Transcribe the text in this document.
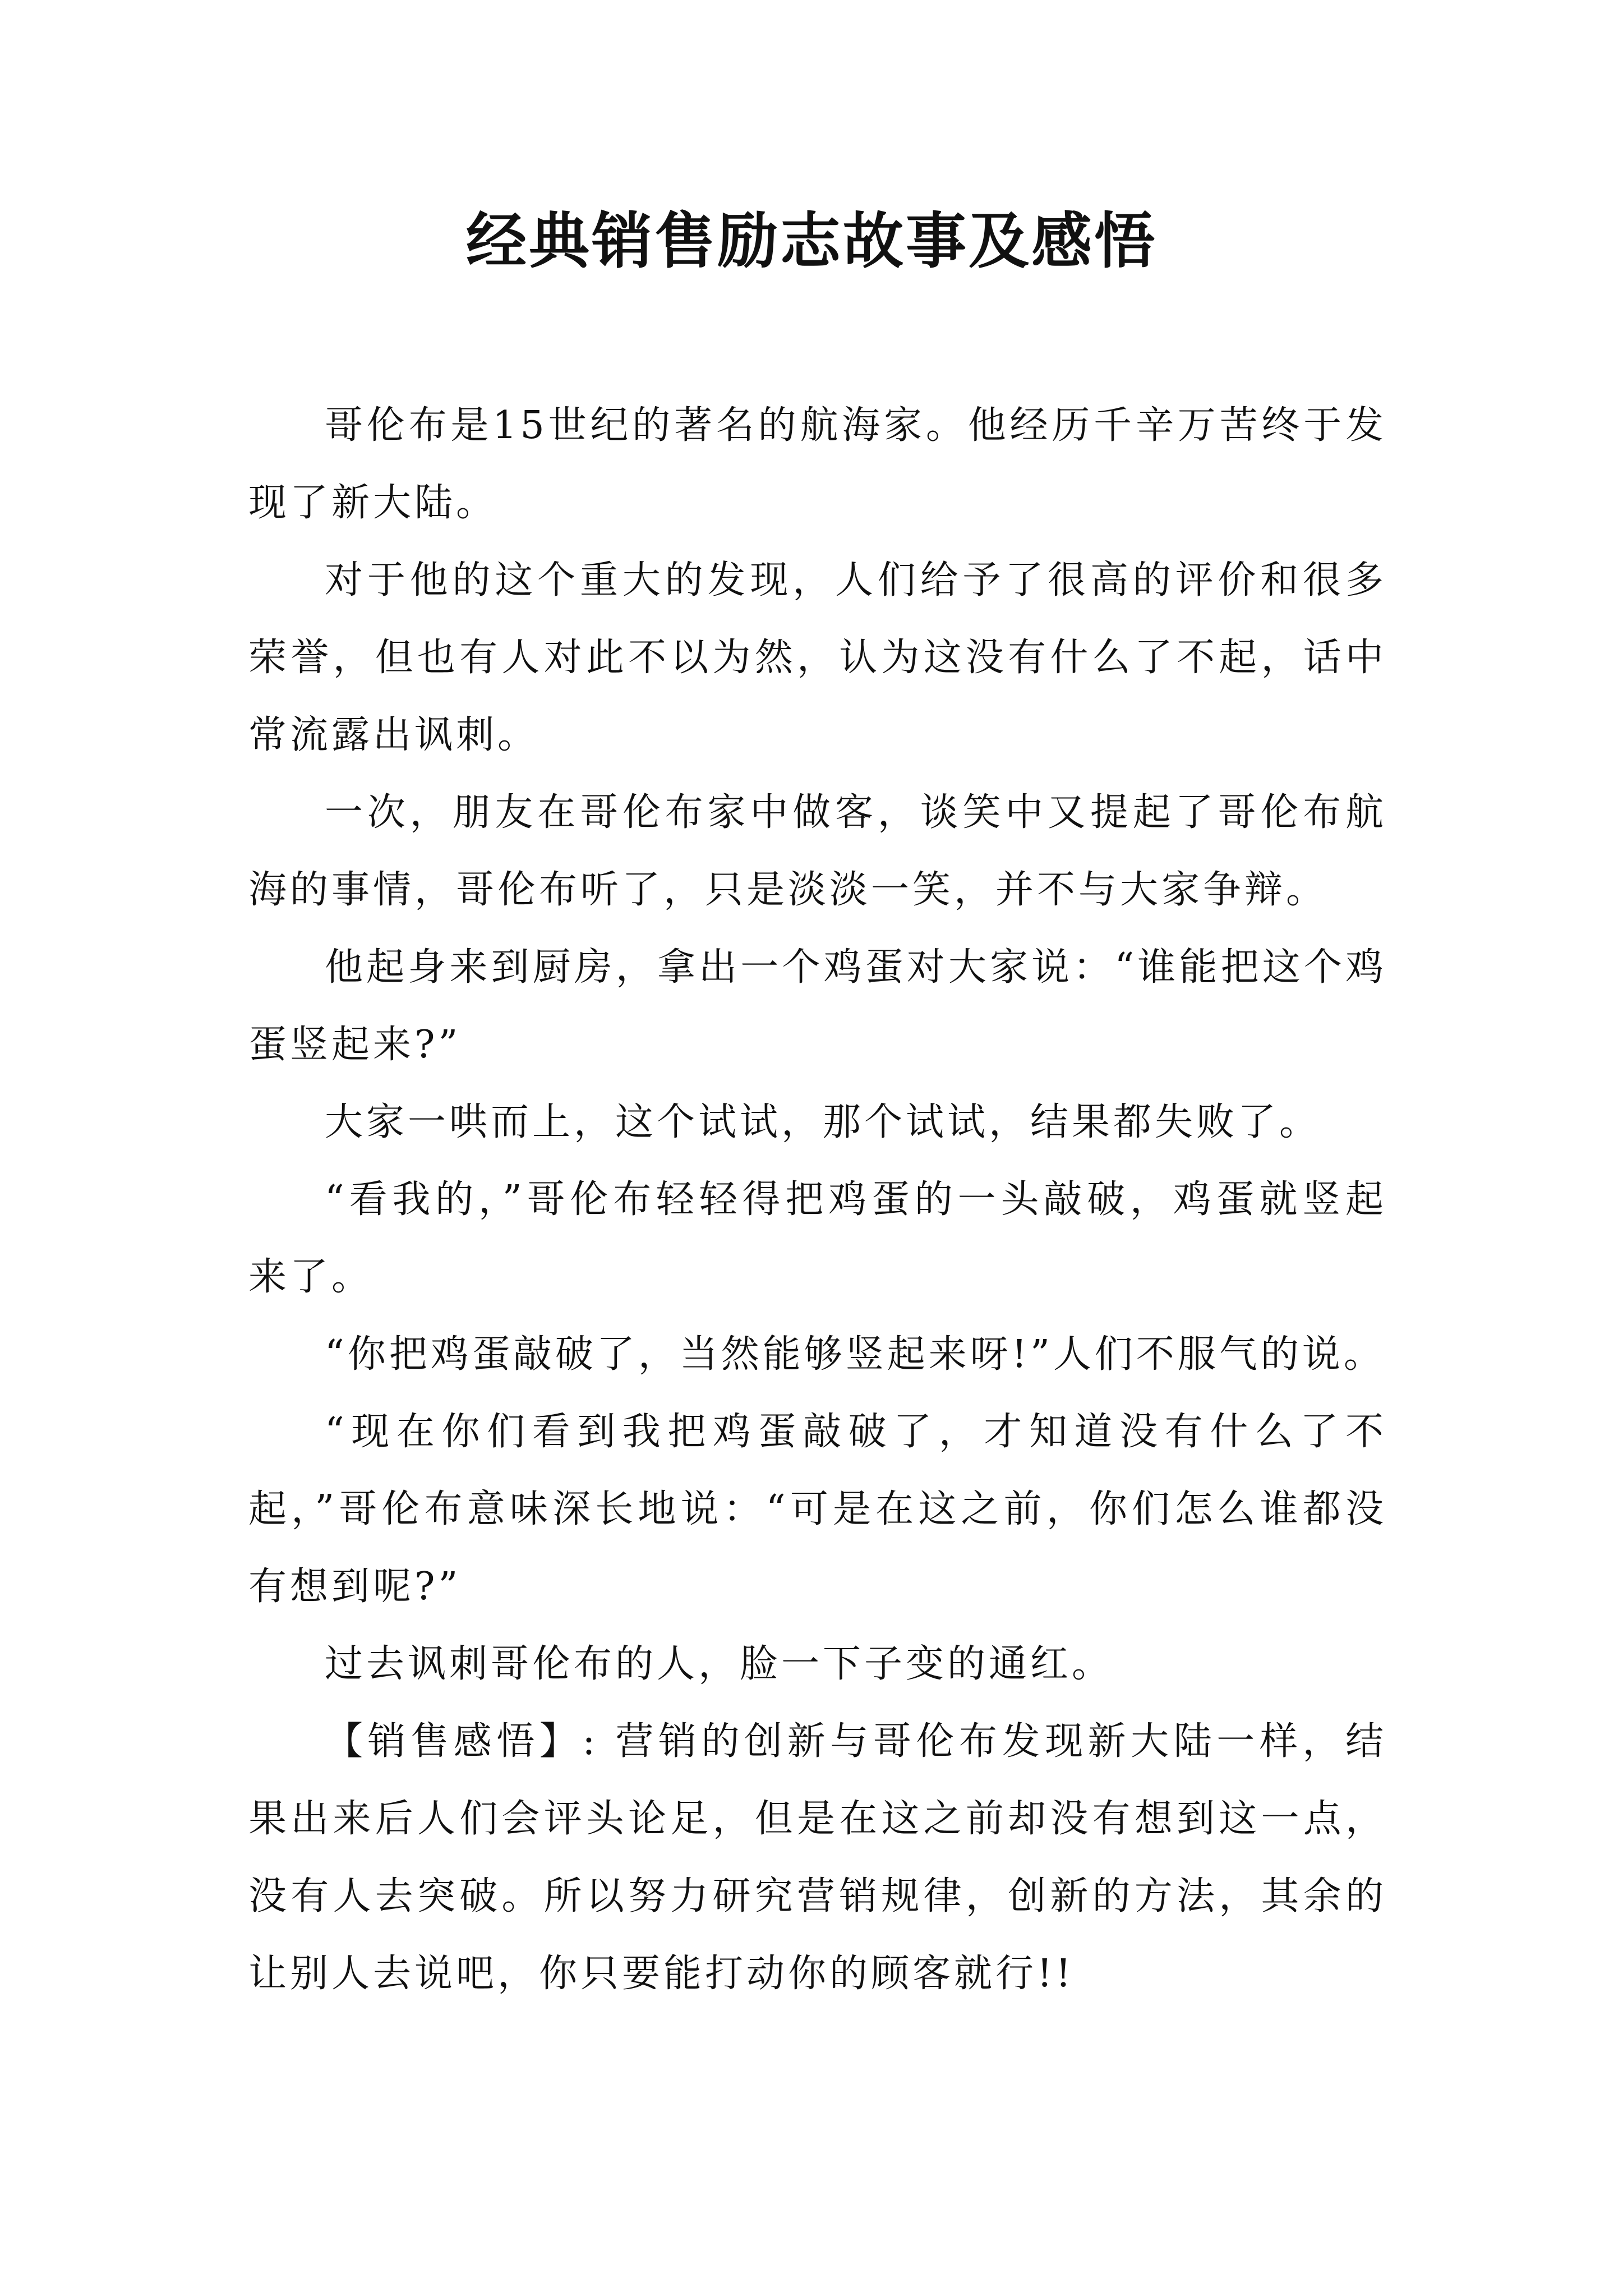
经典销售励志故事及感悟

哥伦布是15世纪的著名的航海家。他经历千辛万苦终于发现了新大陆。

对于他的这个重大的发现，人们给予了很高的评价和很多荣誉，但也有人对此不以为然，认为这没有什么了不起，话中常流露出讽刺。

一次，朋友在哥伦布家中做客，谈笑中又提起了哥伦布航海的事情，哥伦布听了，只是淡淡一笑，并不与大家争辩。

他起身来到厨房，拿出一个鸡蛋对大家说：“谁能把这个鸡蛋竖起来?”

大家一哄而上，这个试试，那个试试，结果都失败了。

“看我的，”哥伦布轻轻得把鸡蛋的一头敲破，鸡蛋就竖起来了。

“你把鸡蛋敲破了，当然能够竖起来呀!”人们不服气的说。

“现在你们看到我把鸡蛋敲破了，才知道没有什么了不起，”哥伦布意味深长地说：“可是在这之前，你们怎么谁都没有想到呢?”

过去讽刺哥伦布的人，脸一下子变的通红。

【销售感悟】: 营销的创新与哥伦布发现新大陆一样，结果出来后人们会评头论足，但是在这之前却没有想到这一点，没有人去突破。所以努力研究营销规律，创新的方法，其余的让别人去说吧，你只要能打动你的顾客就行!!
